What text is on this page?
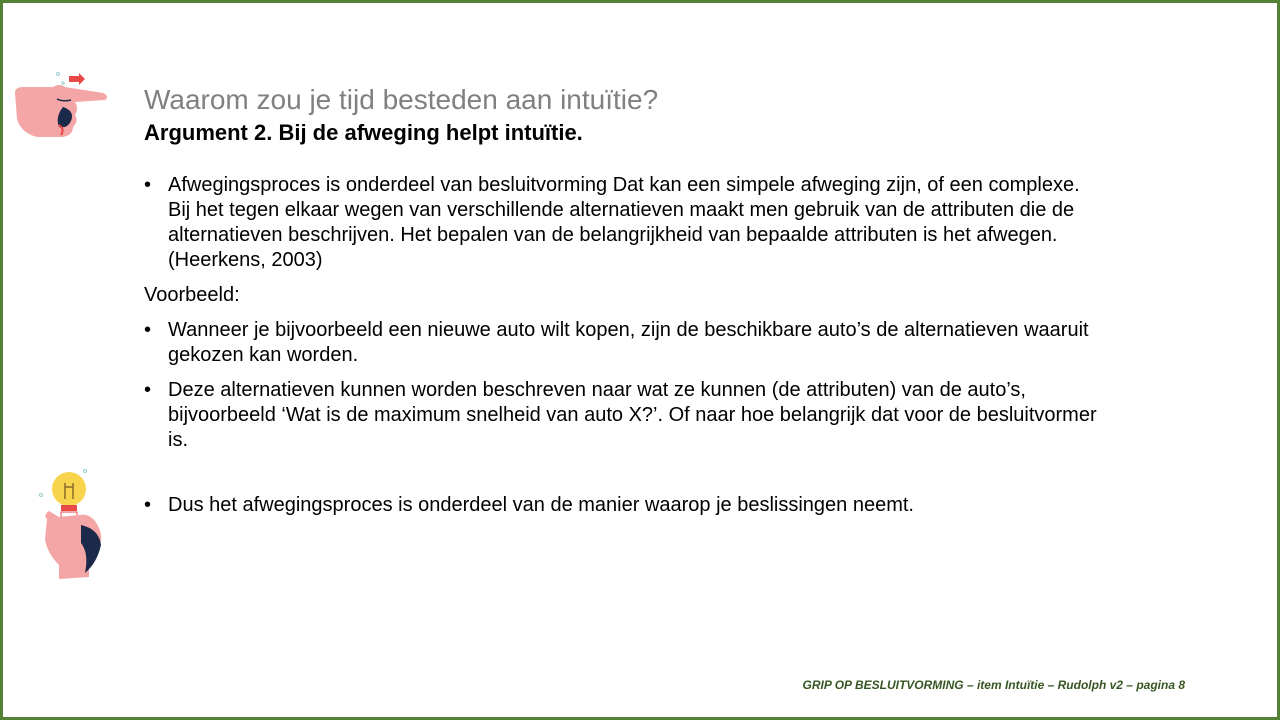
Waarom zou je tijd besteden aan intuïtie?
Argument 2. Bij de afweging helpt intuïtie.
• Afwegingsproces is onderdeel van besluitvorming Dat kan een simpele afweging zijn, of een complexe. Bij het tegen elkaar wegen van verschillende alternatieven maakt men gebruik van de attributen die de alternatieven beschrijven. Het bepalen van de belangrijkheid van bepaalde attributen is het afwegen. (Heerkens, 2003)
Voorbeeld:
• Wanneer je bijvoorbeeld een nieuwe auto wilt kopen, zijn de beschikbare auto’s de alternatieven waaruit gekozen kan worden.
• Deze alternatieven kunnen worden beschreven naar wat ze kunnen (de attributen) van de auto’s, bijvoorbeeld ‘Wat is de maximum snelheid van auto X?’. Of naar hoe belangrijk dat voor de besluitvormer is.
• Dus het afwegingsproces is onderdeel van de manier waarop je beslissingen neemt.
GRIP OP BESLUITVORMING – item Intuïtie – Rudolph v2 – pagina 8
